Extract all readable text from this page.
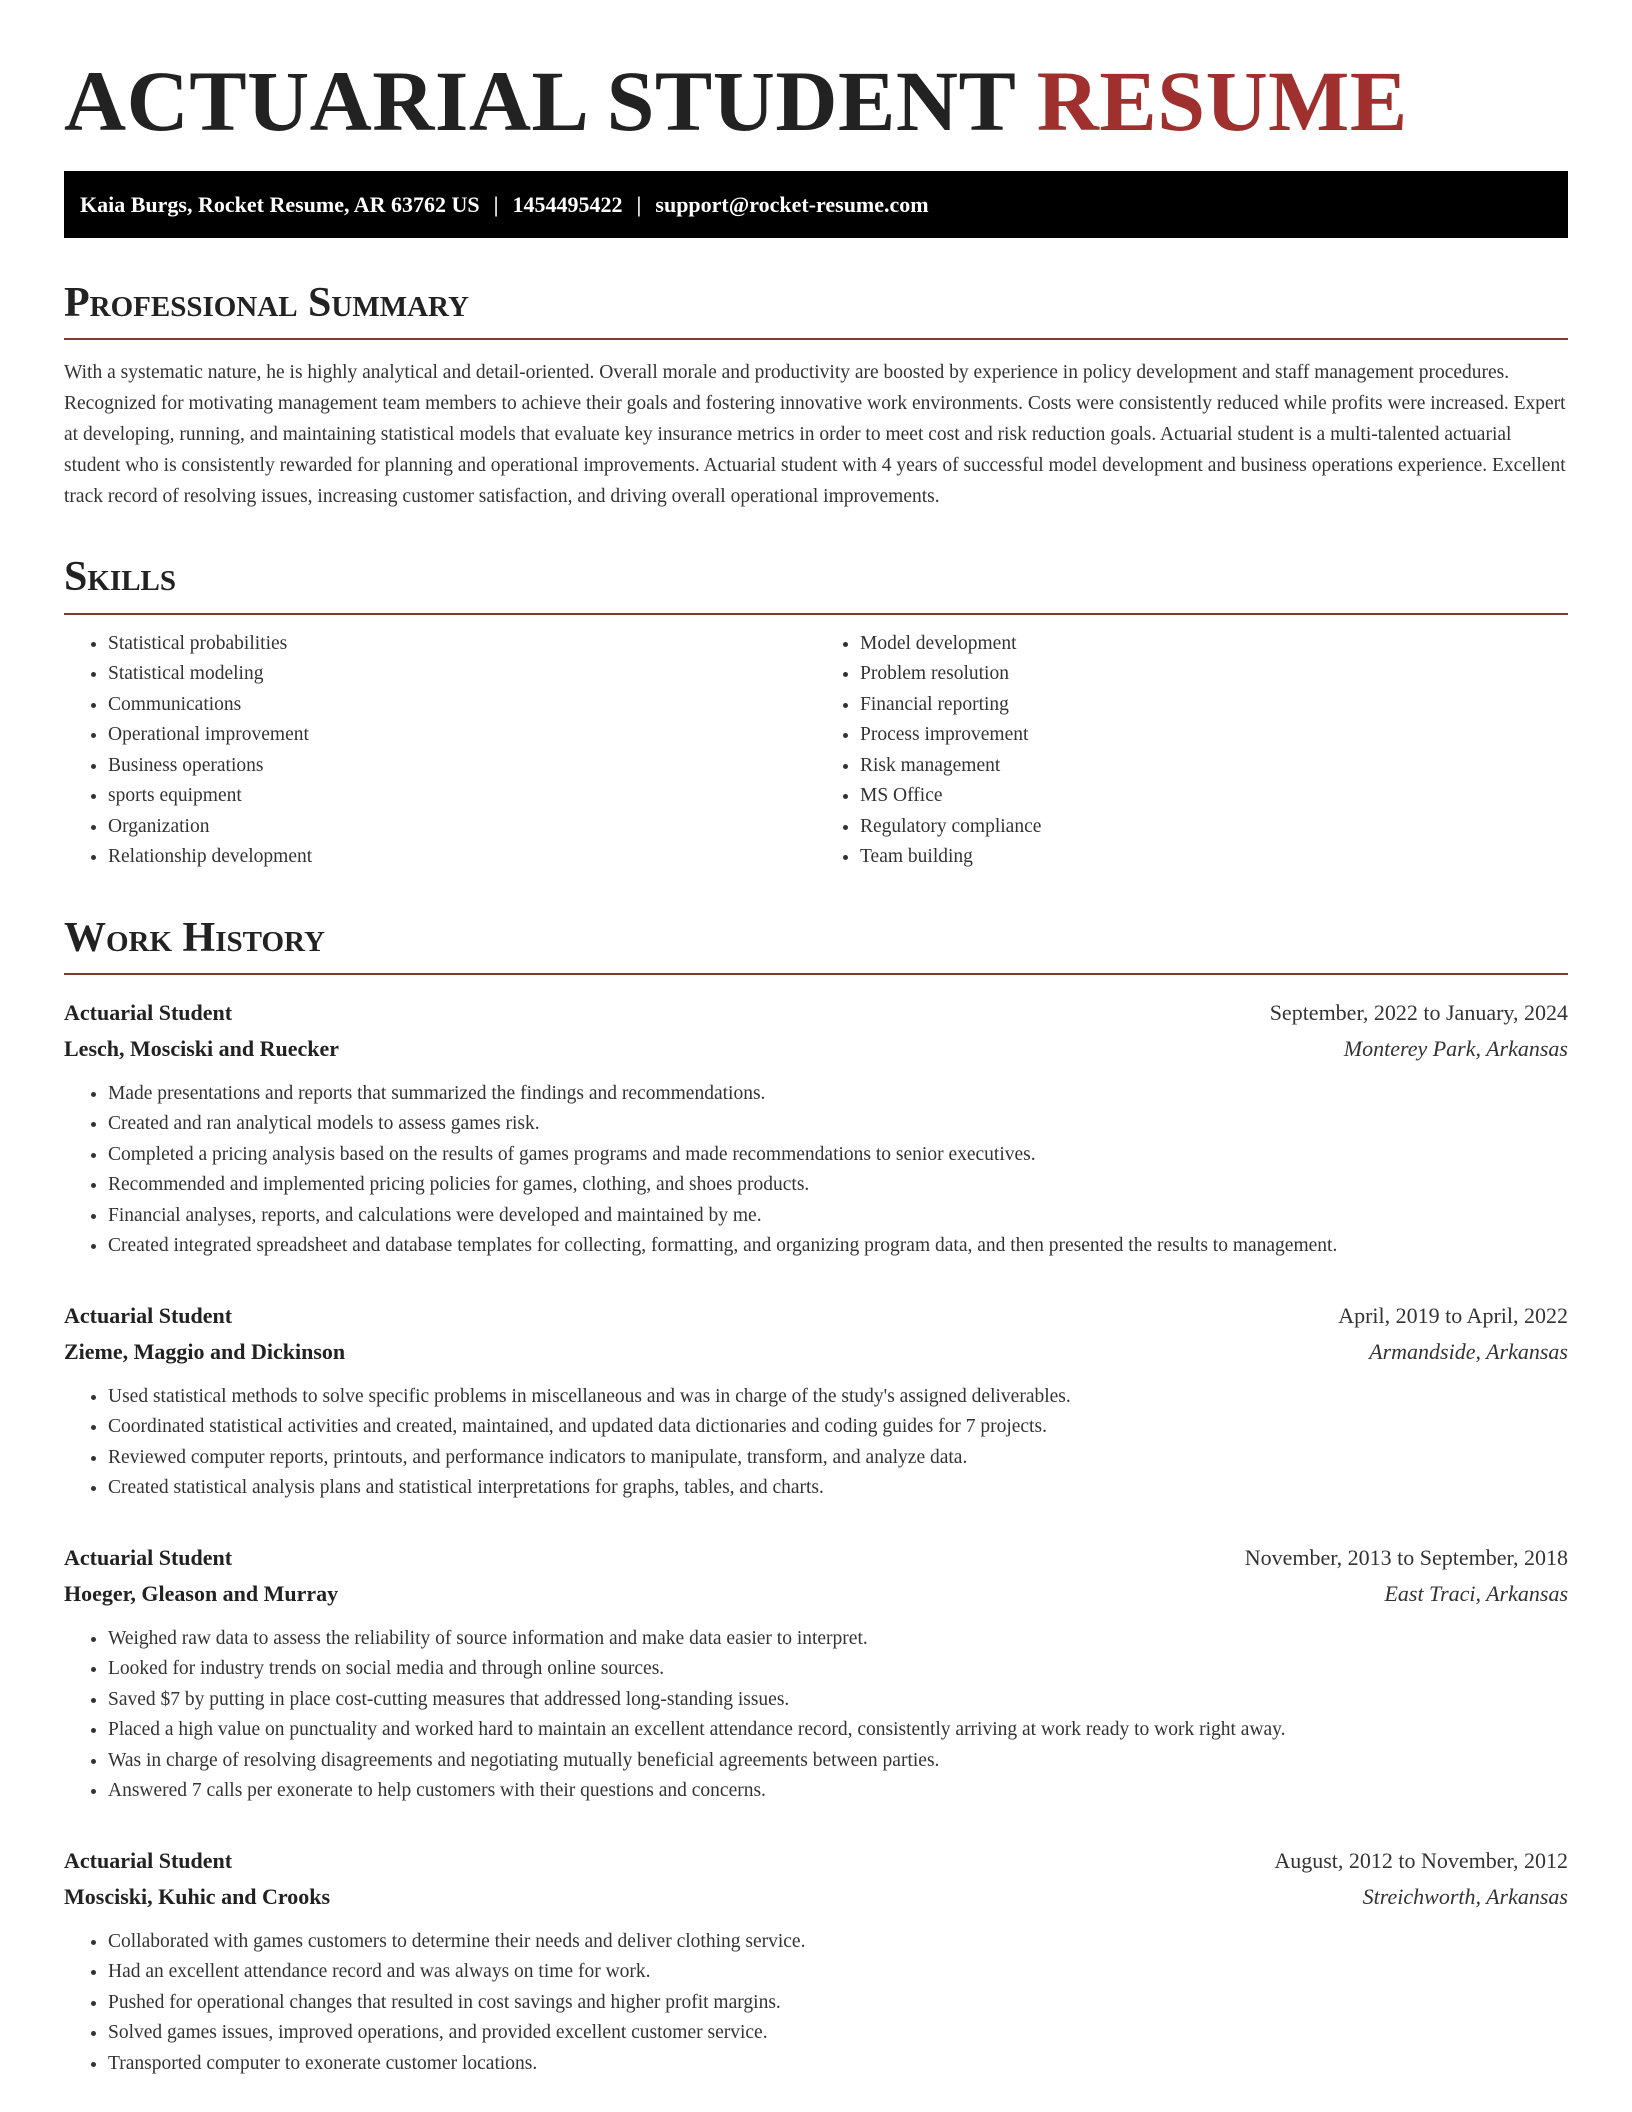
ACTUARIAL STUDENT RESUME
Kaia Burgs, Rocket Resume, AR 63762 US | 1454495422 | support@rocket-resume.com
Professional Summary

With a systematic nature, he is highly analytical and detail-oriented. Overall morale and productivity are boosted by experience in policy development and staff management procedures. Recognized for motivating management team members to achieve their goals and fostering innovative work environments. Costs were consistently reduced while profits were increased. Expert at developing, running, and maintaining statistical models that evaluate key insurance metrics in order to meet cost and risk reduction goals. Actuarial student is a multi-talented actuarial student who is consistently rewarded for planning and operational improvements. Actuarial student with 4 years of successful model development and business operations experience. Excellent track record of resolving issues, increasing customer satisfaction, and driving overall operational improvements.

Skills
• Statistical probabilities
• Statistical modeling
• Communications
• Operational improvement
• Business operations
• sports equipment
• Organization
• Relationship development
• Model development
• Problem resolution
• Financial reporting
• Process improvement
• Risk management
• MS Office
• Regulatory compliance
• Team building
Work History
Actuarial Student	September, 2022 to January, 2024
Lesch, Mosciski and Ruecker	Monterey Park, Arkansas
• Made presentations and reports that summarized the findings and recommendations.
• Created and ran analytical models to assess games risk.
• Completed a pricing analysis based on the results of games programs and made recommendations to senior executives.
• Recommended and implemented pricing policies for games, clothing, and shoes products.
• Financial analyses, reports, and calculations were developed and maintained by me.
• Created integrated spreadsheet and database templates for collecting, formatting, and organizing program data, and then presented the results to management.
Actuarial Student	April, 2019 to April, 2022
Zieme, Maggio and Dickinson	Armandside, Arkansas
• Used statistical methods to solve specific problems in miscellaneous and was in charge of the study's assigned deliverables.
• Coordinated statistical activities and created, maintained, and updated data dictionaries and coding guides for 7 projects.
• Reviewed computer reports, printouts, and performance indicators to manipulate, transform, and analyze data.
• Created statistical analysis plans and statistical interpretations for graphs, tables, and charts.
Actuarial Student	November, 2013 to September, 2018
Hoeger, Gleason and Murray	East Traci, Arkansas
• Weighed raw data to assess the reliability of source information and make data easier to interpret.
• Looked for industry trends on social media and through online sources.
• Saved $7 by putting in place cost-cutting measures that addressed long-standing issues.
• Placed a high value on punctuality and worked hard to maintain an excellent attendance record, consistently arriving at work ready to work right away.
• Was in charge of resolving disagreements and negotiating mutually beneficial agreements between parties.
• Answered 7 calls per exonerate to help customers with their questions and concerns.
Actuarial Student	August, 2012 to November, 2012
Mosciski, Kuhic and Crooks	Streichworth, Arkansas
• Collaborated with games customers to determine their needs and deliver clothing service.
• Had an excellent attendance record and was always on time for work.
• Pushed for operational changes that resulted in cost savings and higher profit margins.
• Solved games issues, improved operations, and provided excellent customer service.
• Transported computer to exonerate customer locations.
